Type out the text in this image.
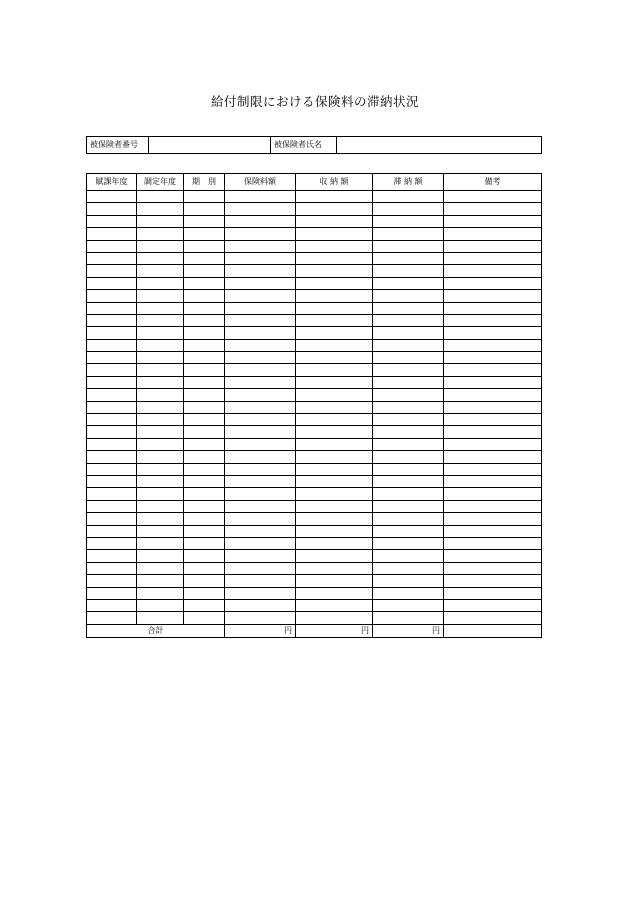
給付制限における保険料の滞納状況
被保険者番号		被保険者氏名	
賦課年度	調定年度	期　別	保険料額	収 納 額	滞 納 額	備考

合計			円	円	円	
